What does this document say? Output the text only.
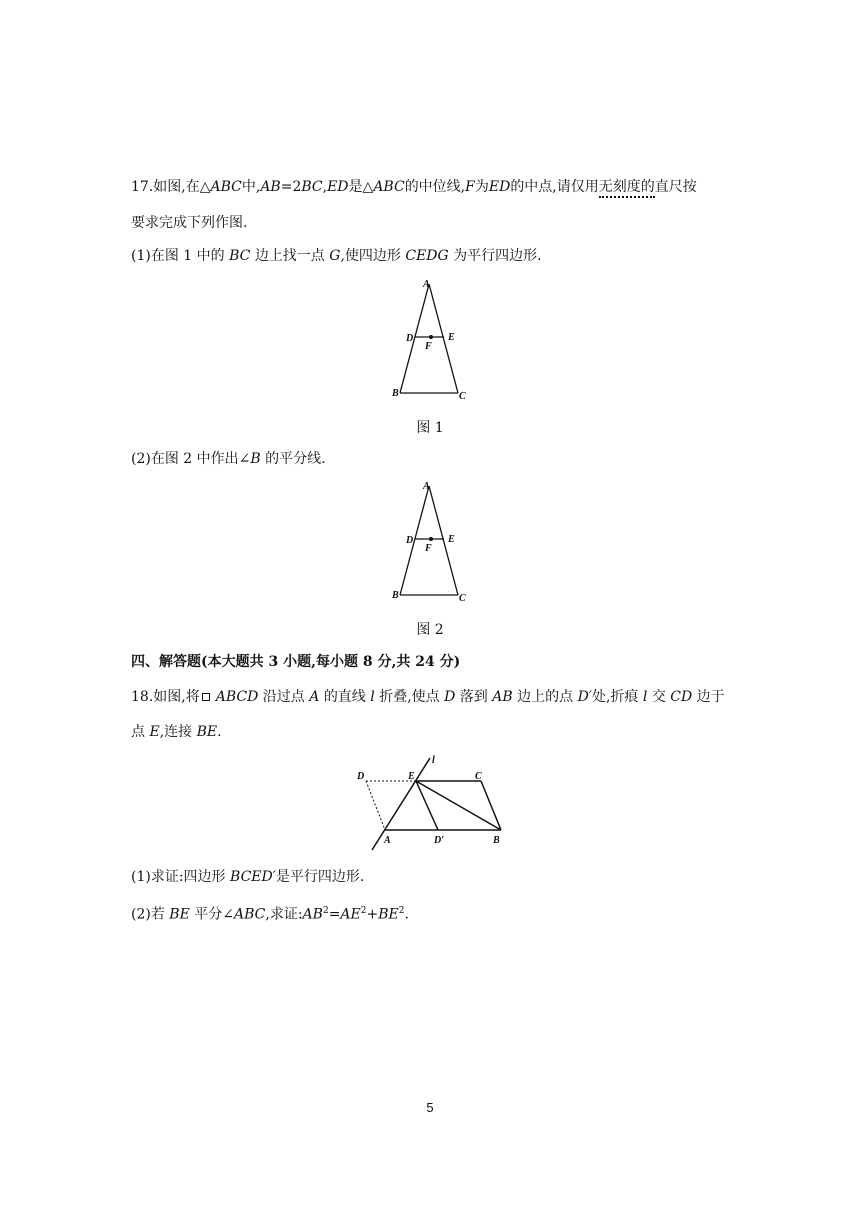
17.如图,在△ABC中,AB=2BC,ED是△ABC的中位线,F为ED的中点,请仅用无刻度的直尺按
要求完成下列作图.
(1)在图 1 中的 BC 边上找一点 G,使四边形 CEDG 为平行四边形.
A
D	E
F
B	C
图 1
(2)在图 2 中作出∠B 的平分线.
A
D	E
F
B	C
图 2
四、解答题(本大题共 3 小题,每小题 8 分,共 24 分)
18.如图,将 ABCD 沿过点 A 的直线 l 折叠,使点 D 落到 AB 边上的点 D′处,折痕 l 交 CD 边于
点 E,连接 BE.
D	E
l
C
A	D′	B
(1)求证:四边形 BCED′是平行四边形.
(2)若 BE 平分∠ABC,求证$:AB^2=AE^2+BE^2$.
5
